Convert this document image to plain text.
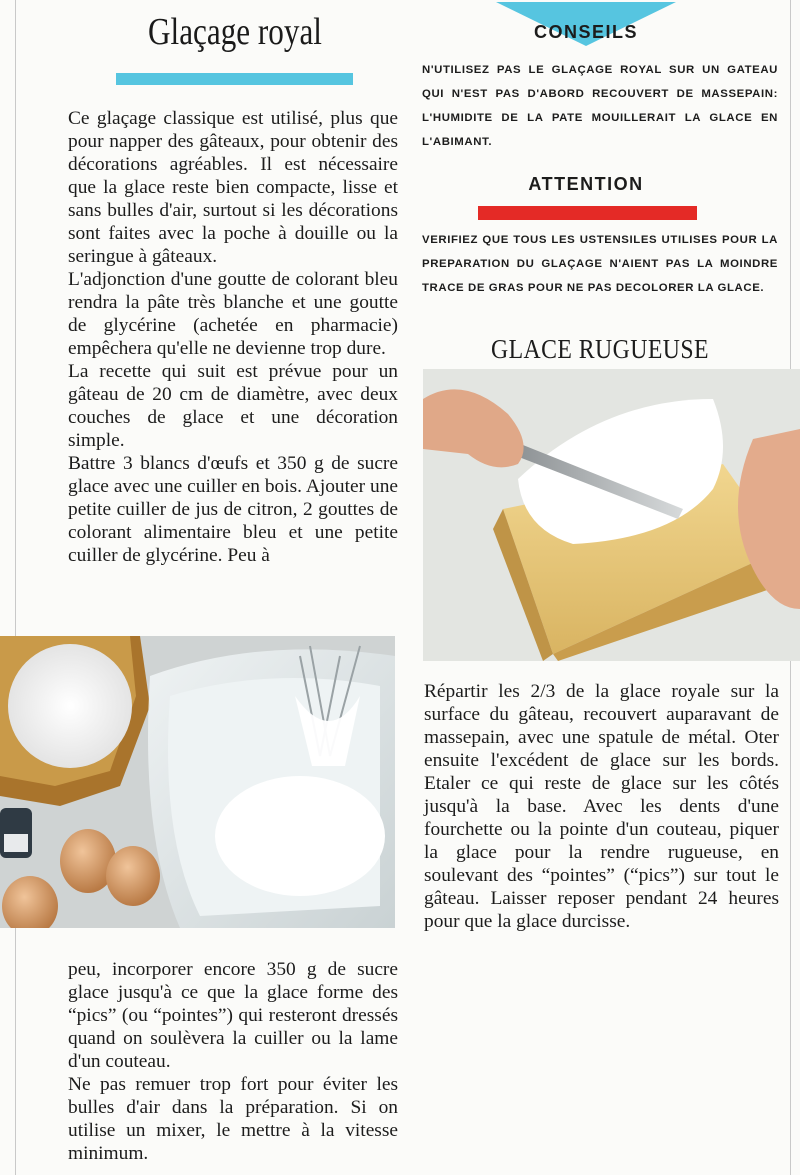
Glaçage royal

Ce glaçage classique est utilisé, plus que pour napper des gâteaux, pour obtenir des décorations agréables. Il est nécessaire que la glace reste bien compacte, lisse et sans bulles d'air, surtout si les décorations sont faites avec la poche à douille ou la seringue à gâteaux.

L'adjonction d'une goutte de colorant bleu rendra la pâte très blanche et une goutte de glycérine (achetée en pharmacie) empêchera qu'elle ne devienne trop dure.

La recette qui suit est prévue pour un gâteau de 20 cm de diamètre, avec deux couches de glace et une décoration simple.

Battre 3 blancs d'œufs et 350 g de sucre glace avec une cuiller en bois. Ajouter une petite cuiller de jus de citron, 2 gouttes de colorant alimentaire bleu et une petite cuiller de glycérine. Peu à

peu, incorporer encore 350 g de sucre glace jusqu'à ce que la glace forme des “pics” (ou “pointes”) qui resteront dressés quand on soulèvera la cuiller ou la lame d'un couteau.

Ne pas remuer trop fort pour éviter les bulles d'air dans la préparation. Si on utilise un mixer, le mettre à la vitesse minimum.

CONSEILS

N'UTILISEZ PAS LE GLAÇAGE ROYAL SUR UN GATEAU QUI N'EST PAS D'ABORD RECOUVERT DE MASSEPAIN: L'HUMIDITE DE LA PATE MOUILLERAIT LA GLACE EN L'ABIMANT.

ATTENTION

VERIFIEZ QUE TOUS LES USTENSILES UTILISES POUR LA PREPARATION DU GLAÇAGE N'AIENT PAS LA MOINDRE TRACE DE GRAS POUR NE PAS DECOLORER LA GLACE.

GLACE RUGUEUSE

Répartir les 2/3 de la glace royale sur la surface du gâteau, recouvert auparavant de massepain, avec une spatule de métal. Oter ensuite l'excédent de glace sur les bords. Etaler ce qui reste de glace sur les côtés jusqu'à la base. Avec les dents d'une fourchette ou la pointe d'un couteau, piquer la glace pour la rendre rugueuse, en soulevant des “pointes” (“pics”) sur tout le gâteau. Laisser reposer pendant 24 heures pour que la glace durcisse.
